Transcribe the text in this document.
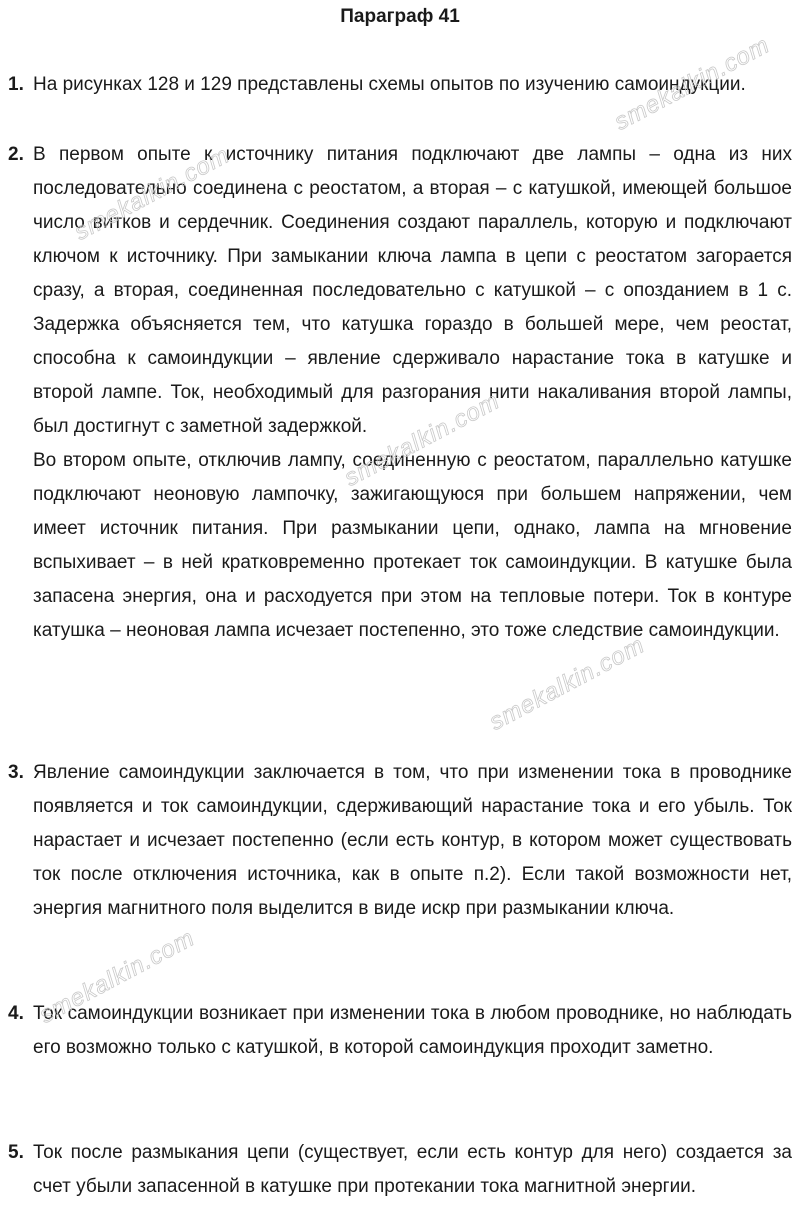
Параграф 41
1. На рисунках 128 и 129 представлены схемы опытов по изучению самоиндукции.

2. В первом опыте к источнику питания подключают две лампы – одна из них последовательно соединена с реостатом, а вторая – с катушкой, имеющей большое число витков и сердечник. Соединения создают параллель, которую и подключают ключом к источнику. При замыкании ключа лампа в цепи с реостатом загорается сразу, а вторая, соединенная последовательно с катушкой – с опозданием в 1 с. Задержка объясняется тем, что катушка гораздо в большей мере, чем реостат, способна к самоиндукции – явление сдерживало нарастание тока в катушке и второй лампе. Ток, необходимый для разгорания нити накаливания второй лампы, был достигнут с заметной задержкой.

Во втором опыте, отключив лампу, соединенную с реостатом, параллельно катушке подключают неоновую лампочку, зажигающуюся при большем напряжении, чем имеет источник питания. При размыкании цепи, однако, лампа на мгновение вспыхивает – в ней кратковременно протекает ток самоиндукции. В катушке была запасена энергия, она и расходуется при этом на тепловые потери. Ток в контуре катушка – неоновая лампа исчезает постепенно, это тоже следствие самоиндукции.

3. Явление самоиндукции заключается в том, что при изменении тока в проводнике появляется и ток самоиндукции, сдерживающий нарастание тока и его убыль. Ток нарастает и исчезает постепенно (если есть контур, в котором может существовать ток после отключения источника, как в опыте п.2). Если такой возможности нет, энергия магнитного поля выделится в виде искр при размыкании ключа.

4. Ток самоиндукции возникает при изменении тока в любом проводнике, но наблюдать его возможно только с катушкой, в которой самоиндукция проходит заметно.

5. Ток после размыкания цепи (существует, если есть контур для него) создается за счет убыли запасенной в катушке при протекании тока магнитной энергии.

smekalkin.com
smekalkin.com
smekalkin.com
smekalkin.com
smekalkin.com
